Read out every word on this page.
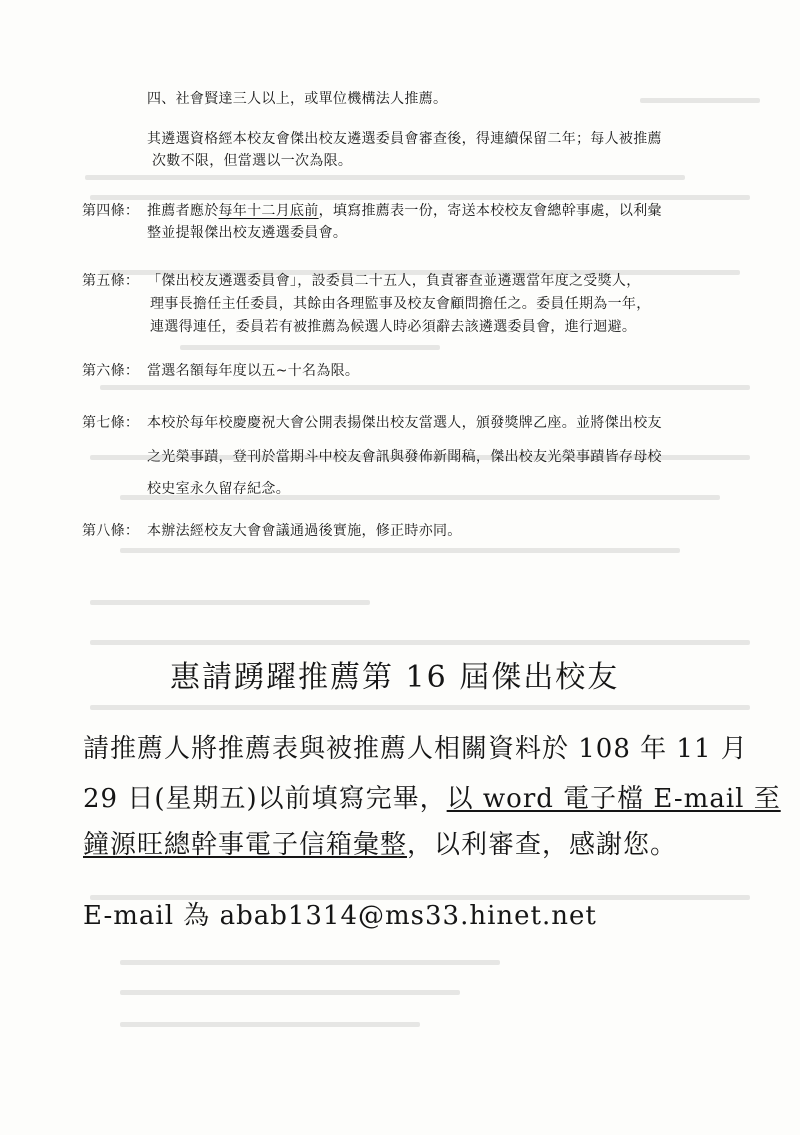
四、社會賢達三人以上，或單位機構法人推薦。
其遴選資格經本校友會傑出校友遴選委員會審查後，得連續保留二年；每人被推薦
次數不限，但當選以一次為限。
第四條： 推薦者應於每年十二月底前，填寫推薦表一份，寄送本校校友會總幹事處，以利彙
整並提報傑出校友遴選委員會。
第五條： 「傑出校友遴選委員會」，設委員二十五人，負責審查並遴選當年度之受獎人，
理事長擔任主任委員，其餘由各理監事及校友會顧問擔任之。委員任期為一年，
連選得連任，委員若有被推薦為候選人時必須辭去該遴選委員會，進行迴避。
第六條： 當選名額每年度以五~十名為限。
第七條： 本校於每年校慶慶祝大會公開表揚傑出校友當選人，頒發獎牌乙座。並將傑出校友
之光榮事蹟，登刊於當期斗中校友會訊與發佈新聞稿，傑出校友光榮事蹟皆存母校
校史室永久留存紀念。
第八條： 本辦法經校友大會會議通過後實施，修正時亦同。
惠請踴躍推薦第 16 屆傑出校友
請推薦人將推薦表與被推薦人相關資料於 108 年 11 月
29 日(星期五)以前填寫完畢，以 word 電子檔 E-mail 至
鐘源旺總幹事電子信箱彙整，以利審查，感謝您。
E-mail 為 abab1314@ms33.hinet.net
